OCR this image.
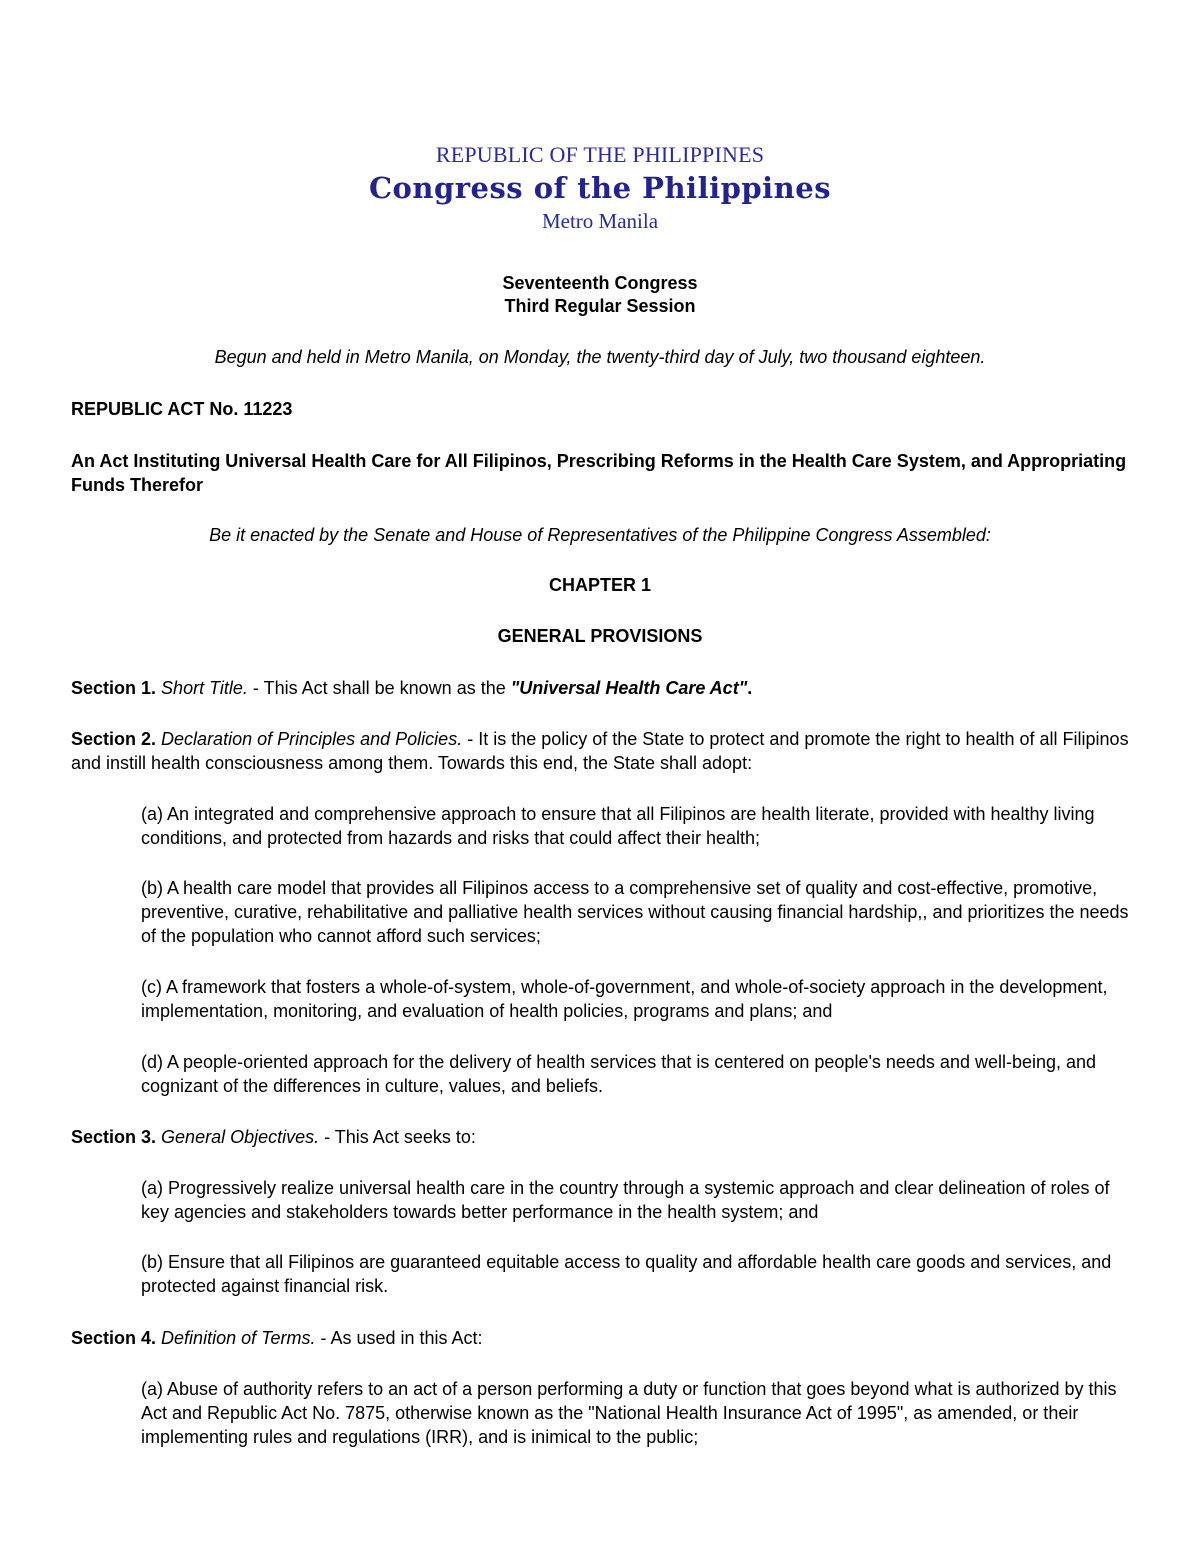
REPUBLIC OF THE PHILIPPINES
Congress of the Philippines
Metro Manila
Seventeenth Congress
Third Regular Session
Begun and held in Metro Manila, on Monday, the twenty-third day of July, two thousand eighteen.
REPUBLIC ACT No. 11223
An Act Instituting Universal Health Care for All Filipinos, Prescribing Reforms in the Health Care System, and Appropriating Funds Therefor
Be it enacted by the Senate and House of Representatives of the Philippine Congress Assembled:
CHAPTER 1
GENERAL PROVISIONS
Section 1. Short Title. - This Act shall be known as the "Universal Health Care Act".
Section 2. Declaration of Principles and Policies. - It is the policy of the State to protect and promote the right to health of all Filipinos and instill health consciousness among them. Towards this end, the State shall adopt:
(a) An integrated and comprehensive approach to ensure that all Filipinos are health literate, provided with healthy living conditions, and protected from hazards and risks that could affect their health;
(b) A health care model that provides all Filipinos access to a comprehensive set of quality and cost-effective, promotive, preventive, curative, rehabilitative and palliative health services without causing financial hardship,, and prioritizes the needs of the population who cannot afford such services;
(c) A framework that fosters a whole-of-system, whole-of-government, and whole-of-society approach in the development, implementation, monitoring, and evaluation of health policies, programs and plans; and
(d) A people-oriented approach for the delivery of health services that is centered on people's needs and well-being, and cognizant of the differences in culture, values, and beliefs.
Section 3. General Objectives. - This Act seeks to:
(a) Progressively realize universal health care in the country through a systemic approach and clear delineation of roles of key agencies and stakeholders towards better performance in the health system; and
(b) Ensure that all Filipinos are guaranteed equitable access to quality and affordable health care goods and services, and protected against financial risk.
Section 4. Definition of Terms. - As used in this Act:
(a) Abuse of authority refers to an act of a person performing a duty or function that goes beyond what is authorized by this Act and Republic Act No. 7875, otherwise known as the "National Health Insurance Act of 1995", as amended, or their implementing rules and regulations (IRR), and is inimical to the public;
